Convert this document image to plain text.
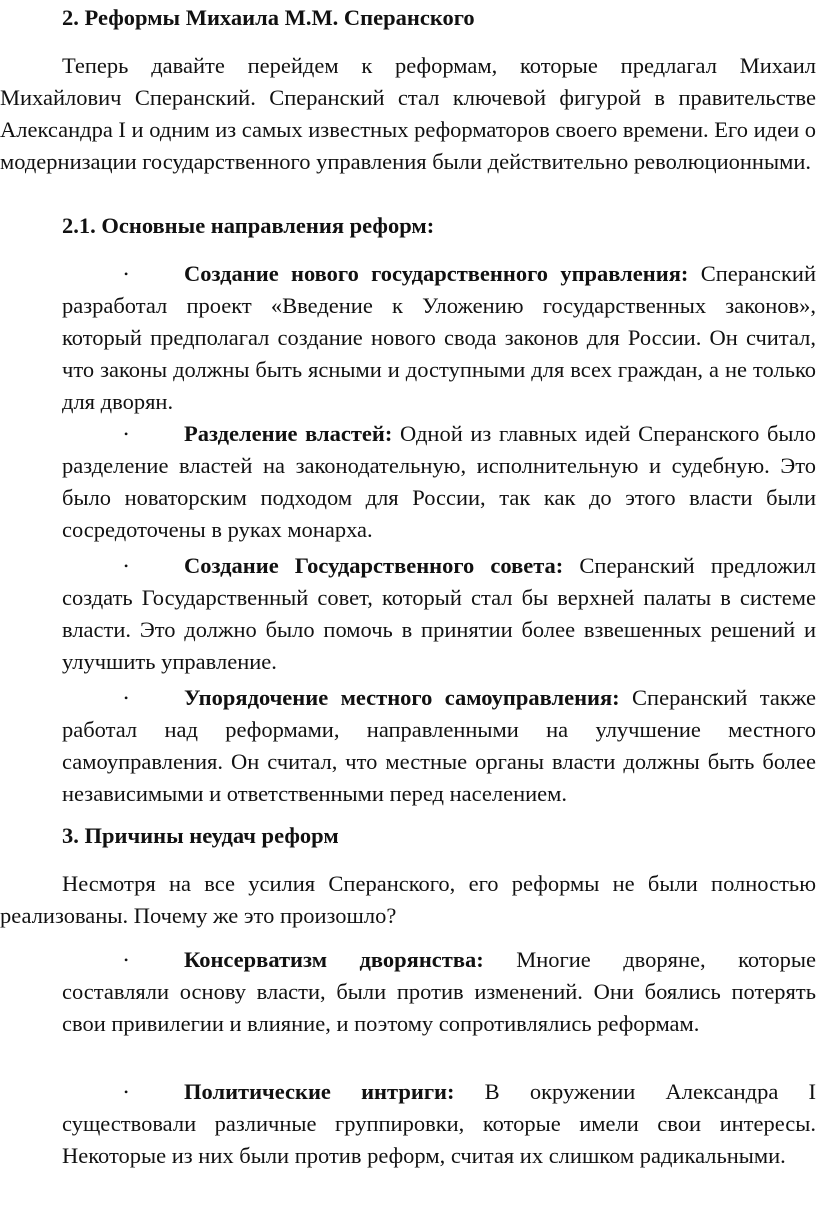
2. Реформы Михаила М.М. Сперанского
Теперь давайте перейдем к реформам, которые предлагал Михаил Михайлович Сперанский. Сперанский стал ключевой фигурой в правительстве Александра I и одним из самых известных реформаторов своего времени. Его идеи о модернизации государственного управления были действительно революционными.
2.1. Основные направления реформ:
• Создание нового государственного управления: Сперанский разработал проект «Введение к Уложению государственных законов», который предполагал создание нового свода законов для России. Он считал, что законы должны быть ясными и доступными для всех граждан, а не только для дворян.
• Разделение властей: Одной из главных идей Сперанского было разделение властей на законодательную, исполнительную и судебную. Это было новаторским подходом для России, так как до этого власти были сосредоточены в руках монарха.
• Создание Государственного совета: Сперанский предложил создать Государственный совет, который стал бы верхней палаты в системе власти. Это должно было помочь в принятии более взвешенных решений и улучшить управление.
• Упорядочение местного самоуправления: Сперанский также работал над реформами, направленными на улучшение местного самоуправления. Он считал, что местные органы власти должны быть более независимыми и ответственными перед населением.
3. Причины неудач реформ
Несмотря на все усилия Сперанского, его реформы не были полностью реализованы. Почему же это произошло?
• Консерватизм дворянства: Многие дворяне, которые составляли основу власти, были против изменений. Они боялись потерять свои привилегии и влияние, и поэтому сопротивлялись реформам.
• Политические интриги: В окружении Александра I существовали различные группировки, которые имели свои интересы. Некоторые из них были против реформ, считая их слишком радикальными.
